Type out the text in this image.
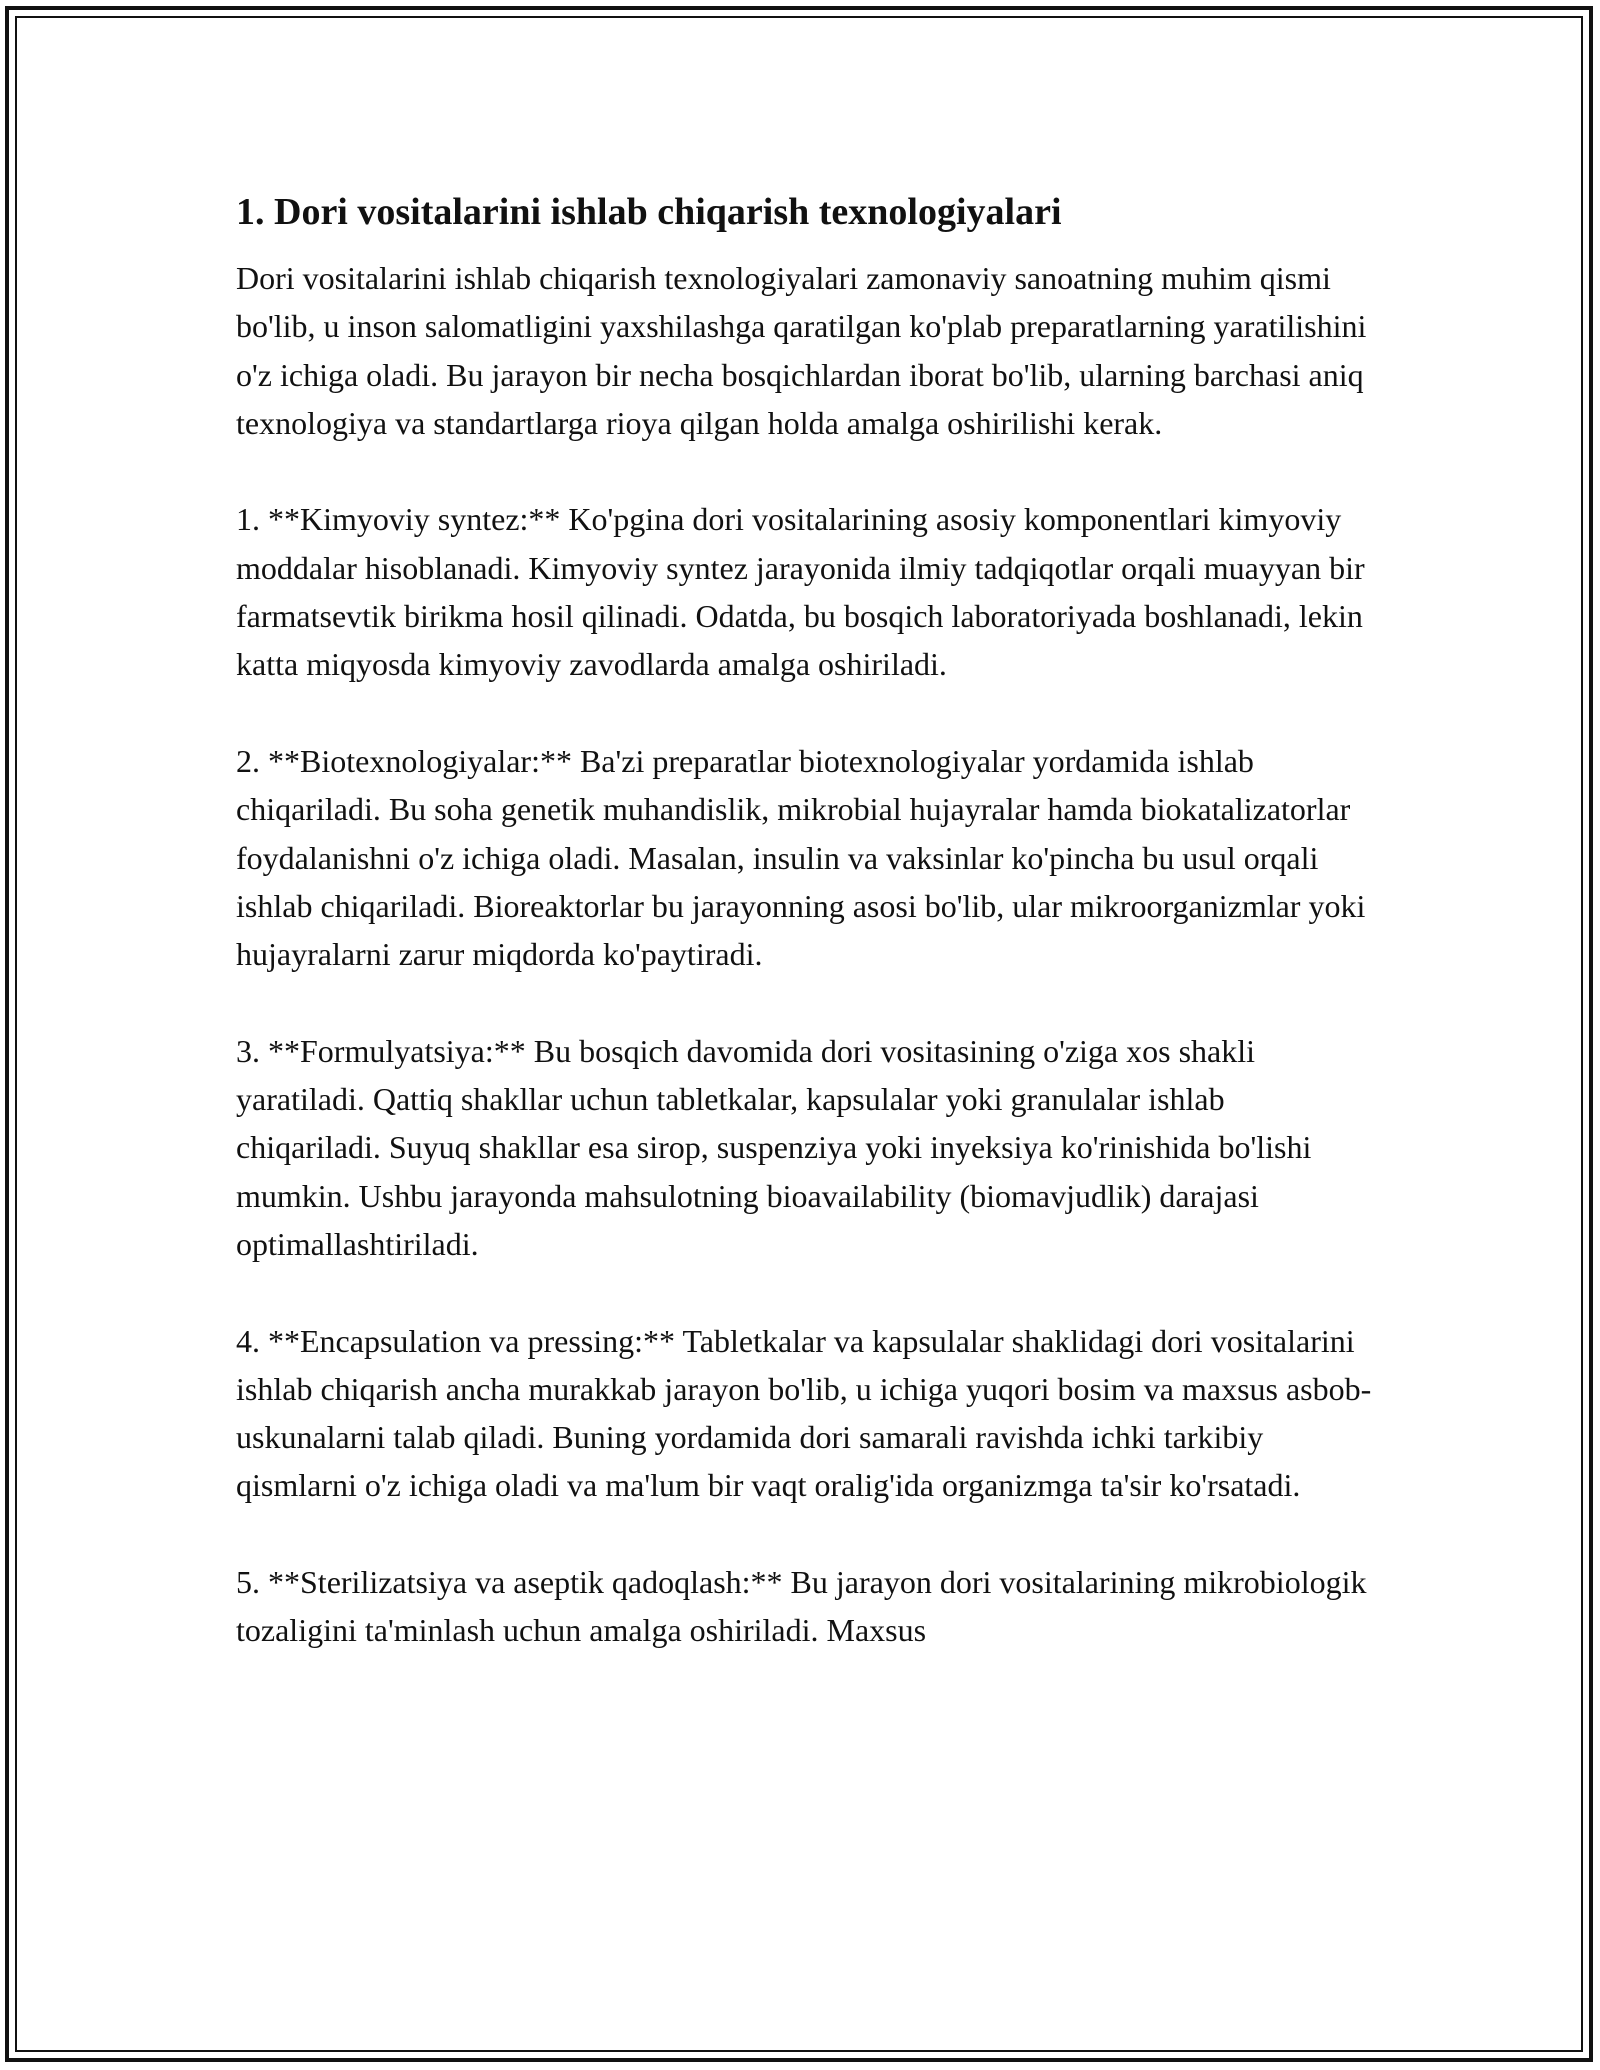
1. Dori vositalarini ishlab chiqarish texnologiyalari

Dori vositalarini ishlab chiqarish texnologiyalari zamonaviy sanoatning muhim qismi bo'lib, u inson salomatligini yaxshilashga qaratilgan ko'plab preparatlarning yaratilishini o'z ichiga oladi. Bu jarayon bir necha bosqichlardan iborat bo'lib, ularning barchasi aniq texnologiya va standartlarga rioya qilgan holda amalga oshirilishi kerak.

1. **Kimyoviy syntez:** Ko'pgina dori vositalarining asosiy komponentlari kimyoviy moddalar hisoblanadi. Kimyoviy syntez jarayonida ilmiy tadqiqotlar orqali muayyan bir farmatsevtik birikma hosil qilinadi. Odatda, bu bosqich laboratoriyada boshlanadi, lekin katta miqyosda kimyoviy zavodlarda amalga oshiriladi.

2. **Biotexnologiyalar:** Ba'zi preparatlar biotexnologiyalar yordamida ishlab chiqariladi. Bu soha genetik muhandislik, mikrobial hujayralar hamda biokatalizatorlar foydalanishni o'z ichiga oladi. Masalan, insulin va vaksinlar ko'pincha bu usul orqali ishlab chiqariladi. Bioreaktorlar bu jarayonning asosi bo'lib, ular mikroorganizmlar yoki hujayralarni zarur miqdorda ko'paytiradi.

3. **Formulyatsiya:** Bu bosqich davomida dori vositasining o'ziga xos shakli yaratiladi. Qattiq shakllar uchun tabletkalar, kapsulalar yoki granulalar ishlab chiqariladi. Suyuq shakllar esa sirop, suspenziya yoki inyeksiya ko'rinishida bo'lishi mumkin. Ushbu jarayonda mahsulotning bioavailability (biomavjudlik) darajasi optimallashtiriladi.

4. **Encapsulation va pressing:** Tabletkalar va kapsulalar shaklidagi dori vositalarini ishlab chiqarish ancha murakkab jarayon bo'lib, u ichiga yuqori bosim va maxsus asbob-uskunalarni talab qiladi. Buning yordamida dori samarali ravishda ichki tarkibiy qismlarni o'z ichiga oladi va ma'lum bir vaqt oralig'ida organizmga ta'sir ko'rsatadi.

5. **Sterilizatsiya va aseptik qadoqlash:** Bu jarayon dori vositalarining mikrobiologik tozaligini ta'minlash uchun amalga oshiriladi. Maxsus
